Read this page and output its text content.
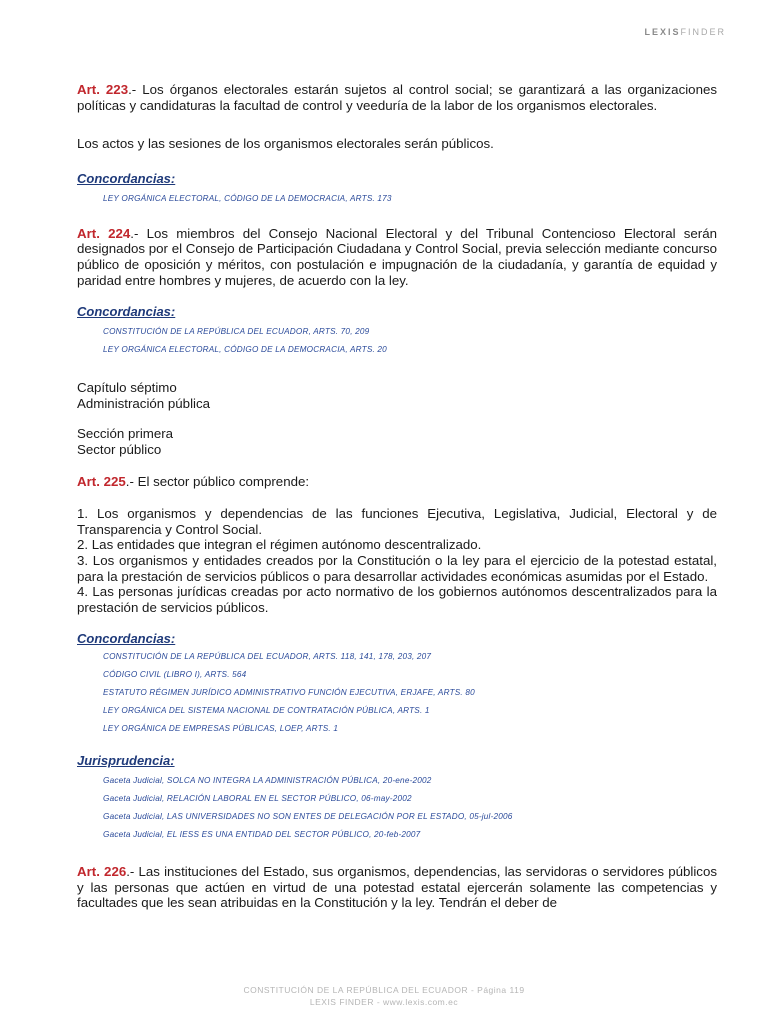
LEXISFINDER

Art. 223.- Los órganos electorales estarán sujetos al control social; se garantizará a las organizaciones políticas y candidaturas la facultad de control y veeduría de la labor de los organismos electorales.

Los actos y las sesiones de los organismos electorales serán públicos.

Concordancias:

LEY ORGÁNICA ELECTORAL, CÓDIGO DE LA DEMOCRACIA, ARTS. 173

Art. 224.- Los miembros del Consejo Nacional Electoral y del Tribunal Contencioso Electoral serán designados por el Consejo de Participación Ciudadana y Control Social, previa selección mediante concurso público de oposición y méritos, con postulación e impugnación de la ciudadanía, y garantía de equidad y paridad entre hombres y mujeres, de acuerdo con la ley.

Concordancias:

CONSTITUCIÓN DE LA REPÚBLICA DEL ECUADOR, ARTS. 70, 209

LEY ORGÁNICA ELECTORAL, CÓDIGO DE LA DEMOCRACIA, ARTS. 20

Capítulo séptimo

Administración pública

Sección primera

Sector público

Art. 225.- El sector público comprende:

1. Los organismos y dependencias de las funciones Ejecutiva, Legislativa, Judicial, Electoral y de Transparencia y Control Social.

2. Las entidades que integran el régimen autónomo descentralizado.

3. Los organismos y entidades creados por la Constitución o la ley para el ejercicio de la potestad estatal, para la prestación de servicios públicos o para desarrollar actividades económicas asumidas por el Estado.

4. Las personas jurídicas creadas por acto normativo de los gobiernos autónomos descentralizados para la prestación de servicios públicos.

Concordancias:

CONSTITUCIÓN DE LA REPÚBLICA DEL ECUADOR, ARTS. 118, 141, 178, 203, 207

CÓDIGO CIVIL (LIBRO I), ARTS. 564

ESTATUTO RÉGIMEN JURÍDICO ADMINISTRATIVO FUNCIÓN EJECUTIVA, ERJAFE, ARTS. 80

LEY ORGÁNICA DEL SISTEMA NACIONAL DE CONTRATACIÓN PÚBLICA, ARTS. 1

LEY ORGÁNICA DE EMPRESAS PÚBLICAS, LOEP, ARTS. 1

Jurisprudencia:

Gaceta Judicial, SOLCA NO INTEGRA LA ADMINISTRACIÓN PÚBLICA, 20-ene-2002

Gaceta Judicial, RELACIÓN LABORAL EN EL SECTOR PÚBLICO, 06-may-2002

Gaceta Judicial, LAS UNIVERSIDADES NO SON ENTES DE DELEGACIÓN POR EL ESTADO, 05-jul-2006

Gaceta Judicial, EL IESS ES UNA ENTIDAD DEL SECTOR PÚBLICO, 20-feb-2007

Art. 226.- Las instituciones del Estado, sus organismos, dependencias, las servidoras o servidores públicos y las personas que actúen en virtud de una potestad estatal ejercerán solamente las competencias y facultades que les sean atribuidas en la Constitución y la ley. Tendrán el deber de

CONSTITUCIÓN DE LA REPÚBLICA DEL ECUADOR - Página 119
LEXIS FINDER - www.lexis.com.ec
